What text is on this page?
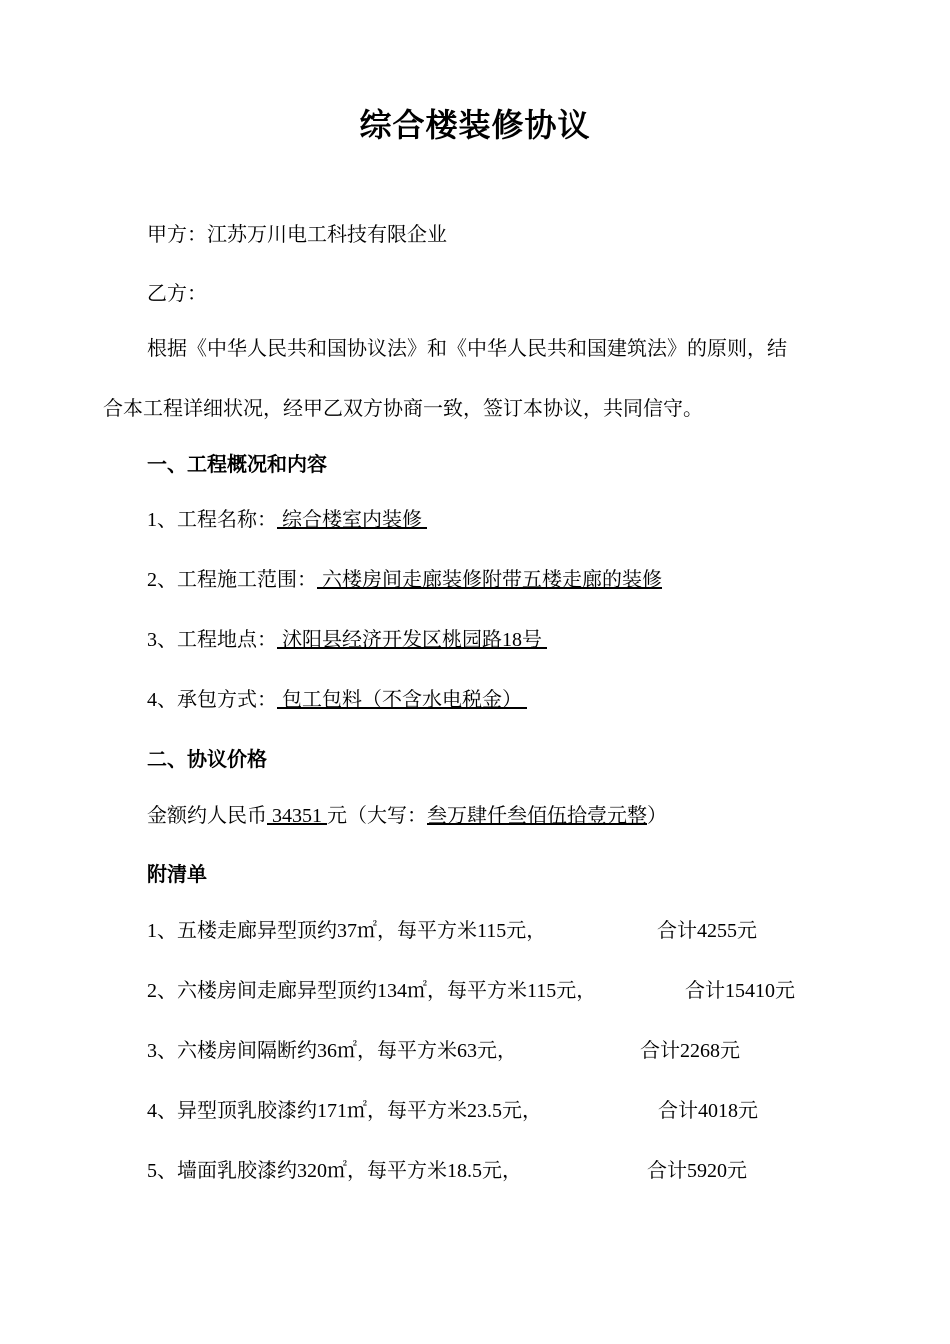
综合楼装修协议
甲方：江苏万川电工科技有限企业
乙方：
根据《中华人民共和国协议法》和《中华人民共和国建筑法》的原则，结
合本工程详细状况，经甲乙双方协商一致，签订本协议，共同信守。
一、工程概况和内容
1、工程名称： 综合楼室内装修
2、工程施工范围： 六楼房间走廊装修附带五楼走廊的装修
3、工程地点： 沭阳县经济开发区桃园路18号
4、承包方式： 包工包料（不含水电税金）
二、协议价格
金额约人民币 34351 元（大写：叁万肆仟叁佰伍拾壹元整）
附清单
1、五楼走廊异型顶约37㎡，每平方米115元，	合计4255元
2、六楼房间走廊异型顶约134㎡，每平方米115元，	合计15410元
3、六楼房间隔断约36㎡，每平方米63元，	合计2268元
4、异型顶乳胶漆约171㎡，每平方米23.5元，	合计4018元
5、墙面乳胶漆约320㎡，每平方米18.5元，	合计5920元
